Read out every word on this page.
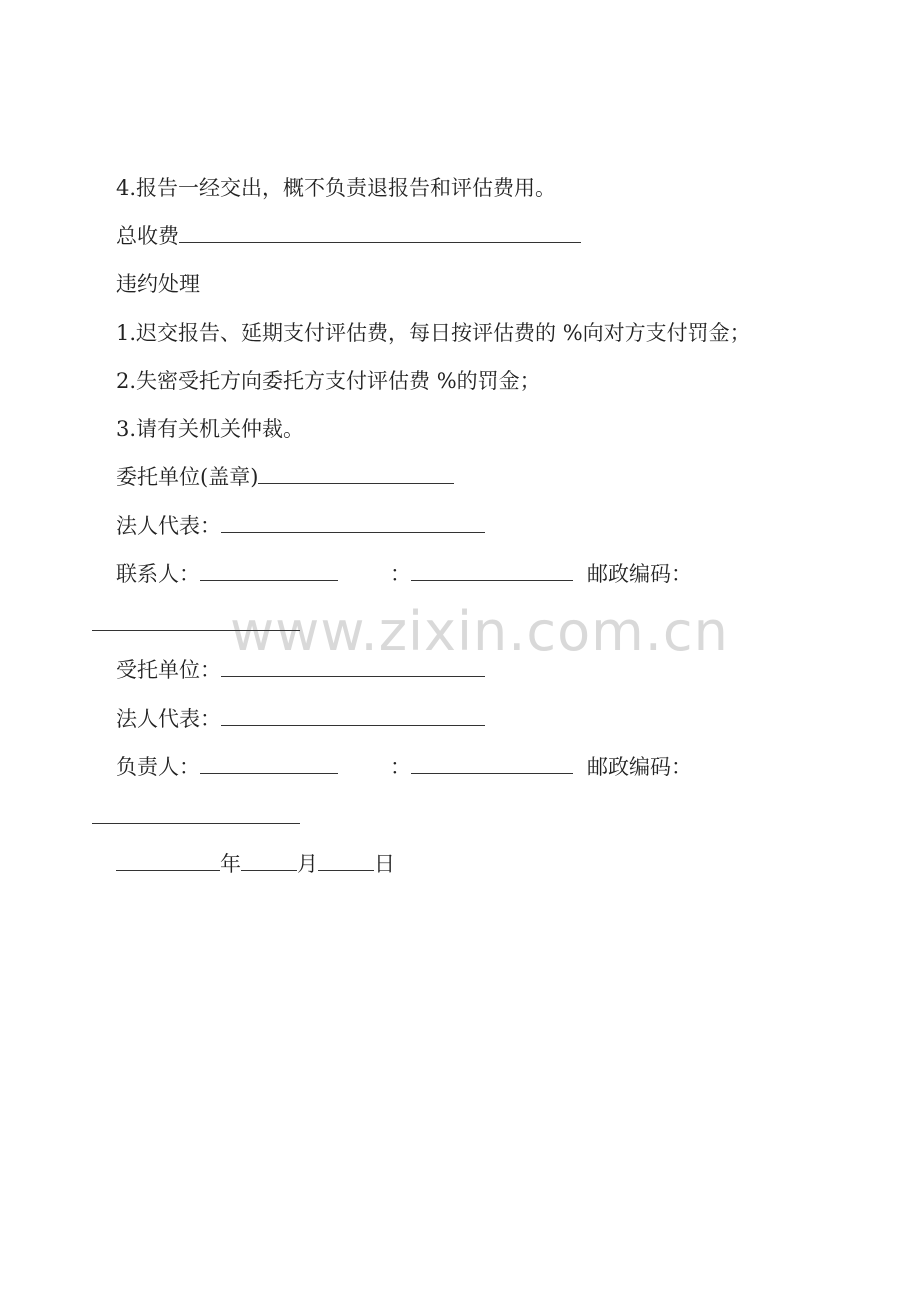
www.zixin.com.cn
4.报告一经交出，概不负责退报告和评估费用。
总收费
违约处理
1.迟交报告、延期支付评估费，每日按评估费的 %向对方支付罚金；
2.失密受托方向委托方支付评估费 %的罚金；
3.请有关机关仲裁。
委托单位(盖章)
法人代表：
联系人：	：	邮政编码：
受托单位：
法人代表：
负责人：	：	邮政编码：
年	月	日
